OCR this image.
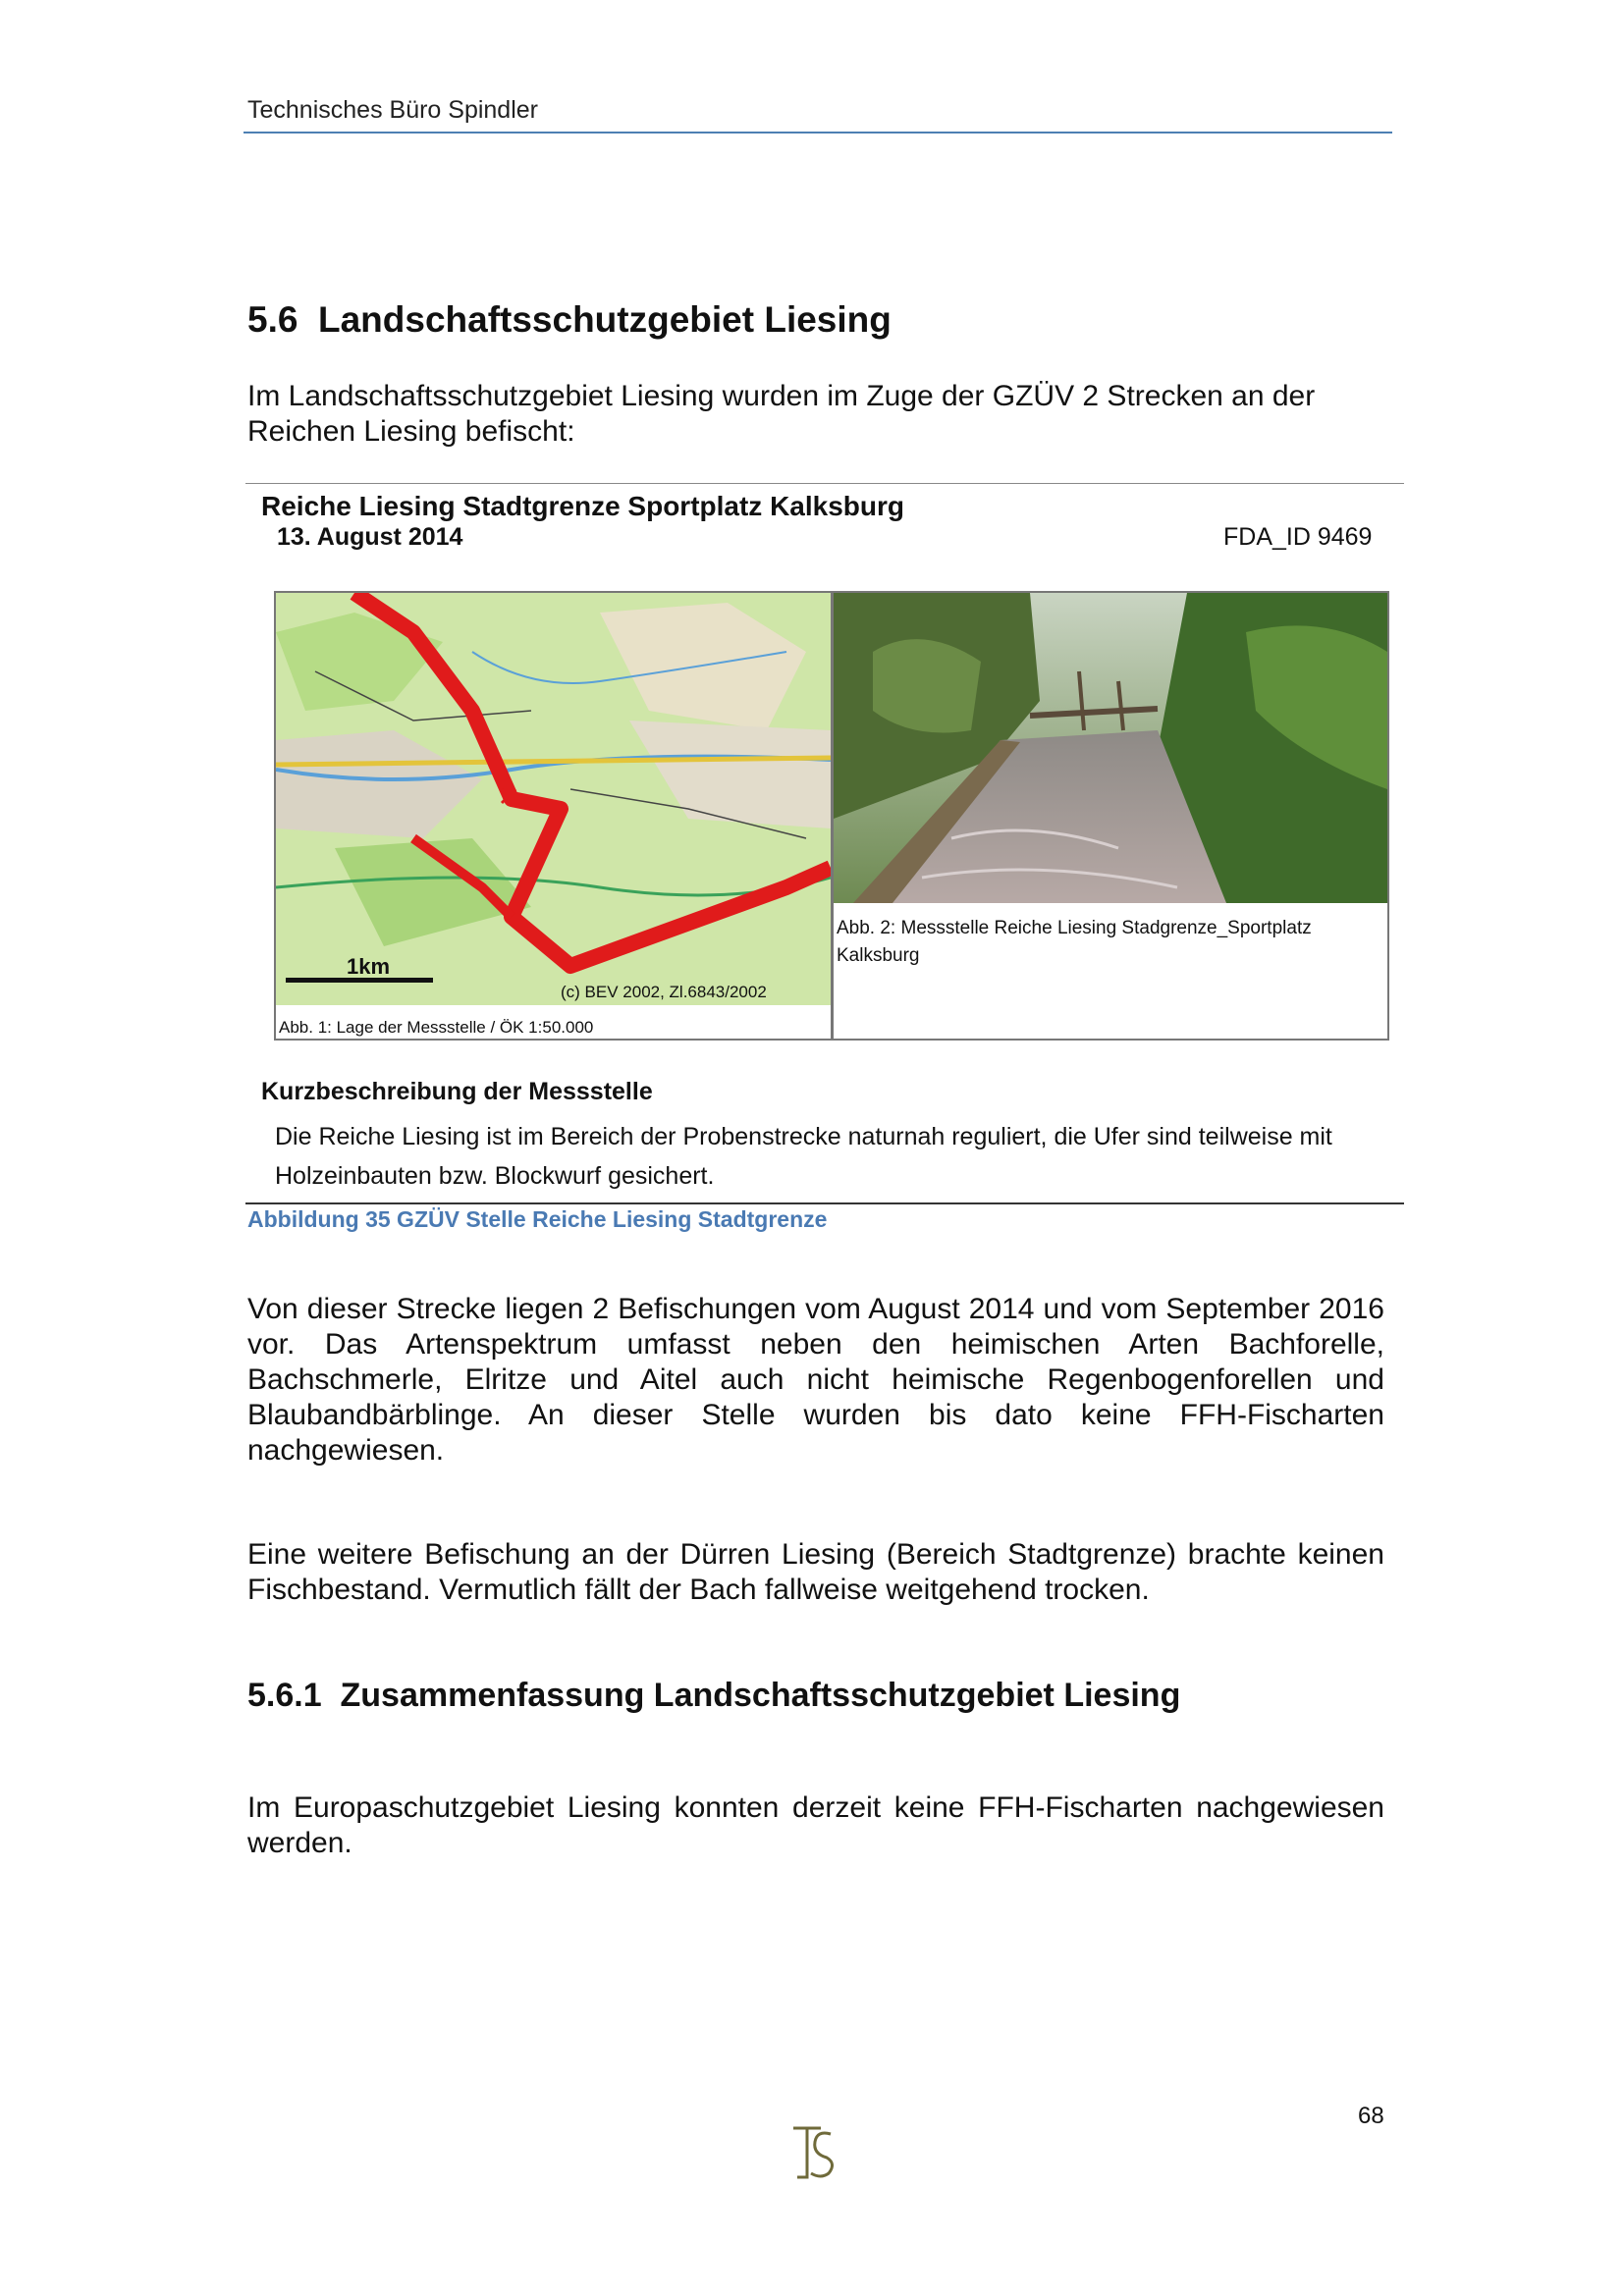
Technisches Büro Spindler
5.6  Landschaftsschutzgebiet Liesing
Im Landschaftsschutzgebiet Liesing wurden im Zuge der GZÜV 2 Strecken an der Reichen Liesing befischt:
Reiche Liesing Stadtgrenze Sportplatz Kalksburg
13. August 2014	FDA_ID 9469
1km
(c) BEV 2002, Zl.6843/2002
Abb. 2: Messstelle Reiche Liesing Stadgrenze_Sportplatz Kalksburg
Abb. 1: Lage der Messstelle / ÖK 1:50.000
Kurzbeschreibung der Messstelle
Die Reiche Liesing ist im Bereich der Probenstrecke naturnah reguliert, die Ufer sind teilweise mit Holzeinbauten bzw. Blockwurf gesichert.
Abbildung 35 GZÜV Stelle Reiche Liesing Stadtgrenze
Von dieser Strecke liegen 2 Befischungen vom August 2014 und vom September 2016 vor. Das Artenspektrum umfasst neben den heimischen Arten Bachforelle, Bachschmerle, Elritze und Aitel auch nicht heimische Regenbogenforellen und Blaubandbärblinge. An dieser Stelle wurden bis dato keine FFH-Fischarten nachgewiesen.
Eine weitere Befischung an der Dürren Liesing (Bereich Stadtgrenze) brachte keinen Fischbestand. Vermutlich fällt der Bach fallweise weitgehend trocken.
5.6.1  Zusammenfassung Landschaftsschutzgebiet Liesing
Im Europaschutzgebiet Liesing konnten derzeit keine FFH-Fischarten nachgewiesen werden.
68
